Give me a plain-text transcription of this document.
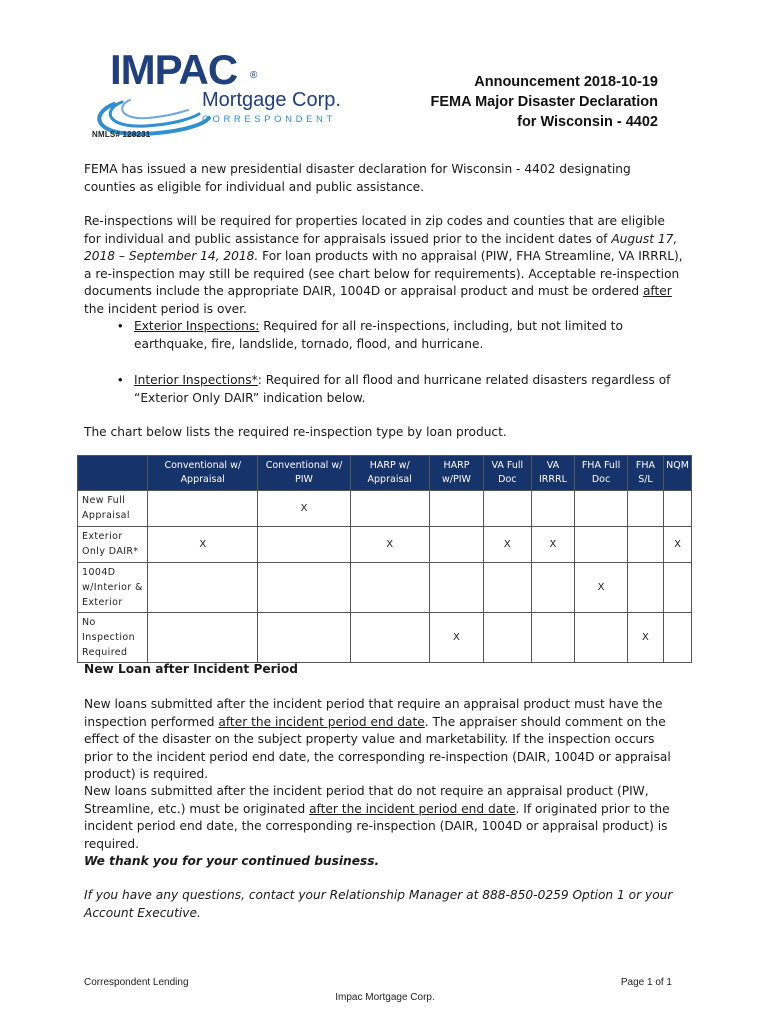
IMPAC ®
Mortgage Corp.
CORRESPONDENT
NMLS# 128231
Announcement 2018-10-19
FEMA Major Disaster Declaration
for Wisconsin - 4402
FEMA has issued a new presidential disaster declaration for Wisconsin - 4402 designating counties as eligible for individual and public assistance.
Re-inspections will be required for properties located in zip codes and counties that are eligible for individual and public assistance for appraisals issued prior to the incident dates of August 17, 2018 – September 14, 2018. For loan products with no appraisal (PIW, FHA Streamline, VA IRRRL), a re-inspection may still be required (see chart below for requirements). Acceptable re-inspection documents include the appropriate DAIR, 1004D or appraisal product and must be ordered after the incident period is over.
• Exterior Inspections: Required for all re-inspections, including, but not limited to earthquake, fire, landslide, tornado, flood, and hurricane.
• Interior Inspections*: Required for all flood and hurricane related disasters regardless of “Exterior Only DAIR” indication below.
The chart below lists the required re-inspection type by loan product.
	Conventional w/ Appraisal	Conventional w/ PIW	HARP w/ Appraisal	HARP w/PIW	VA Full Doc	VA IRRRL	FHA Full Doc	FHA S/L	NQM
New Full Appraisal		X							
Exterior Only DAIR*	X		X		X	X			X
1004D w/Interior & Exterior							X		
No Inspection Required				X				X	
New Loan after Incident Period
New loans submitted after the incident period that require an appraisal product must have the inspection performed after the incident period end date. The appraiser should comment on the effect of the disaster on the subject property value and marketability. If the inspection occurs prior to the incident period end date, the corresponding re-inspection (DAIR, 1004D or appraisal product) is required.
New loans submitted after the incident period that do not require an appraisal product (PIW, Streamline, etc.) must be originated after the incident period end date. If originated prior to the incident period end date, the corresponding re-inspection (DAIR, 1004D or appraisal product) is required.
We thank you for your continued business.
If you have any questions, contact your Relationship Manager at 888-850-0259 Option 1 or your Account Executive.
Correspondent Lending	Page 1 of 1
Impac Mortgage Corp.
